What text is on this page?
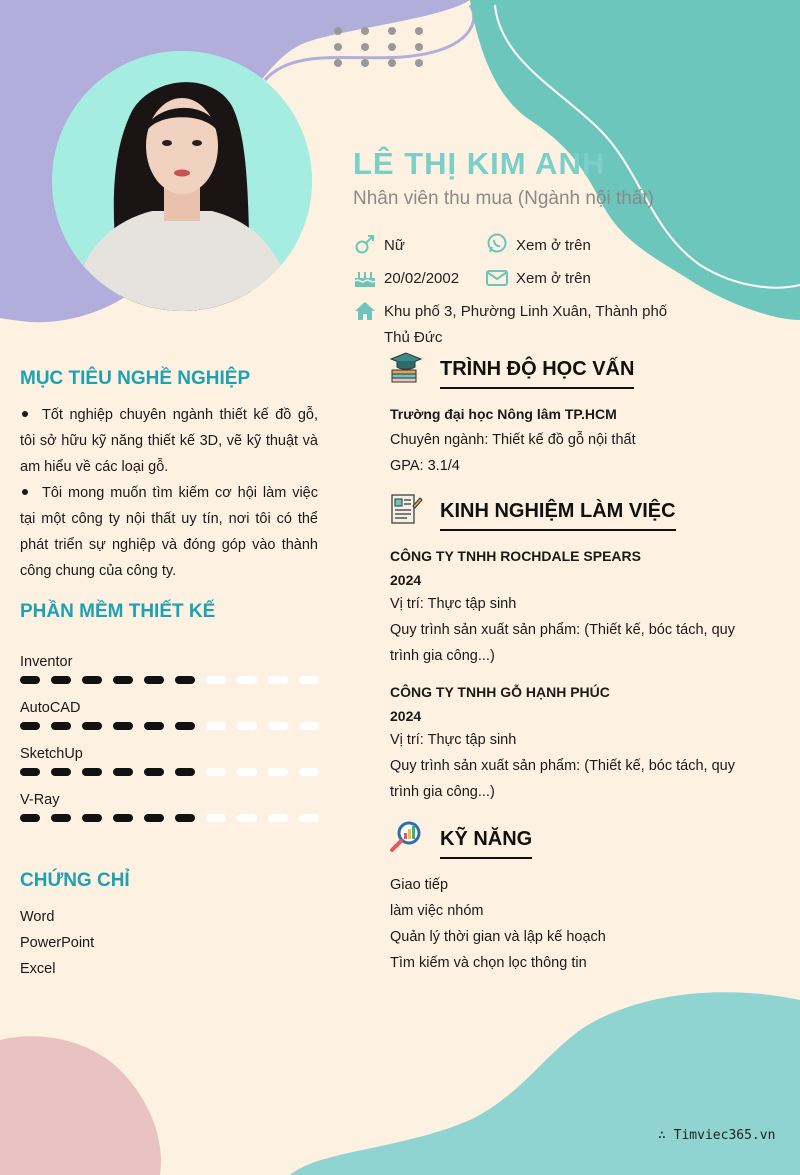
LÊ THỊ KIM ANH
Nhân viên thu mua (Ngành nội thất)
Nữ	Xem ở trên
20/02/2002	Xem ở trên
Khu phố 3, Phường Linh Xuân, Thành phố Thủ Đức
MỤC TIÊU NGHỀ NGHIỆP

Tốt nghiệp chuyên ngành thiết kế đồ gỗ, tôi sở hữu kỹ năng thiết kế 3D, vẽ kỹ thuật và am hiểu về các loại gỗ.

Tôi mong muốn tìm kiếm cơ hội làm việc tại một công ty nội thất uy tín, nơi tôi có thể phát triển sự nghiệp và đóng góp vào thành công chung của công ty.

PHẦN MỀM THIẾT KẾ
Inventor
AutoCAD
SketchUp
V-Ray
CHỨNG CHỈ
Word
PowerPoint
Excel
TRÌNH ĐỘ HỌC VẤN
Trường đại học Nông lâm TP.HCM
Chuyên ngành: Thiết kế đồ gỗ nội thất
GPA: 3.1/4
KINH NGHIỆM LÀM VIỆC
CÔNG TY TNHH ROCHDALE SPEARS
2024
Vị trí: Thực tập sinh
Quy trình sản xuất sản phẩm: (Thiết kế, bóc tách, quy trình gia công...)
CÔNG TY TNHH GỖ HẠNH PHÚC
2024
Vị trí: Thực tập sinh
Quy trình sản xuất sản phẩm: (Thiết kế, bóc tách, quy trình gia công...)
KỸ NĂNG
Giao tiếp
làm việc nhóm
Quản lý thời gian và lập kế hoạch
Tìm kiếm và chọn lọc thông tin
∴ Timviec365.vn
